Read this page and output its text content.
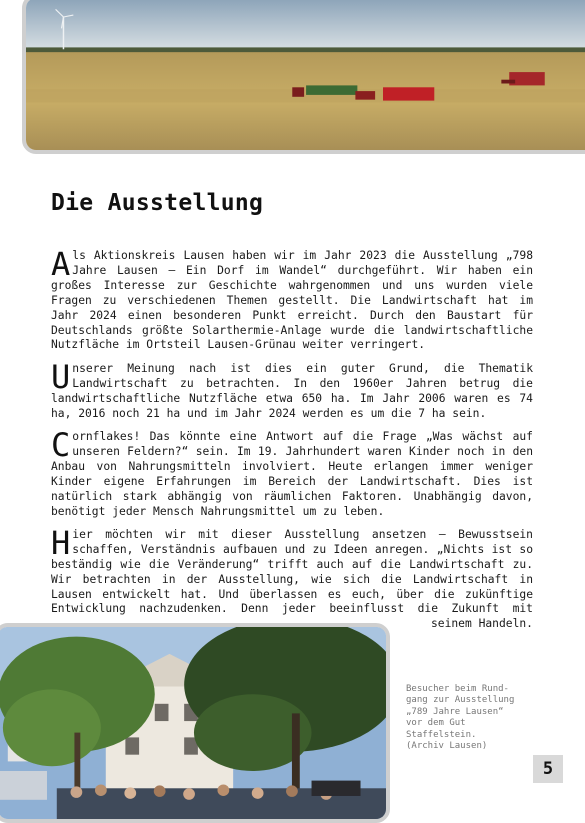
Die Ausstellung

Als Aktionskreis Lausen haben wir im Jahr 2023 die Ausstellung „798 Jahre Lausen – Ein Dorf im Wandel“ durchgeführt. Wir haben ein großes Interesse zur Geschichte wahrgenommen und uns wurden viele Fragen zu verschiedenen Themen gestellt. Die Landwirtschaft hat im Jahr 2024 einen besonderen Punkt erreicht. Durch den Baustart für Deutschlands größte Solarthermie-Anlage wurde die landwirtschaftliche Nutzfläche im Ortsteil Lausen-Grünau weiter verringert.

Unserer Meinung nach ist dies ein guter Grund, die Thematik Landwirtschaft zu betrachten. In den 1960er Jahren betrug die landwirtschaftliche Nutzfläche etwa 650 ha. Im Jahr 2006 waren es 74 ha, 2016 noch 21 ha und im Jahr 2024 werden es um die 7 ha sein.

Cornflakes! Das könnte eine Antwort auf die Frage „Was wächst auf unseren Feldern?“ sein. Im 19. Jahrhundert waren Kinder noch in den Anbau von Nahrungsmitteln involviert. Heute erlangen immer weniger Kinder eigene Erfahrungen im Bereich der Landwirtschaft. Dies ist natürlich stark abhängig von räumlichen Faktoren. Unabhängig davon, benötigt jeder Mensch Nahrungsmittel um zu leben.

Hier möchten wir mit dieser Ausstellung ansetzen – Bewusstsein schaffen, Verständnis aufbauen und zu Ideen anregen. „Nichts ist so beständig wie die Veränderung“ trifft auch auf die Landwirtschaft zu. Wir betrachten in der Ausstellung, wie sich die Landwirtschaft in Lausen entwickelt hat. Und überlassen es euch, über die zukünftige Entwicklung nachzudenken. Denn jeder beeinflusst die Zukunft mit seinem Handeln.

Besucher beim Rund-
gang zur Ausstellung
„789 Jahre Lausen“
vor dem Gut
Staffelstein.
(Archiv Lausen)
5
